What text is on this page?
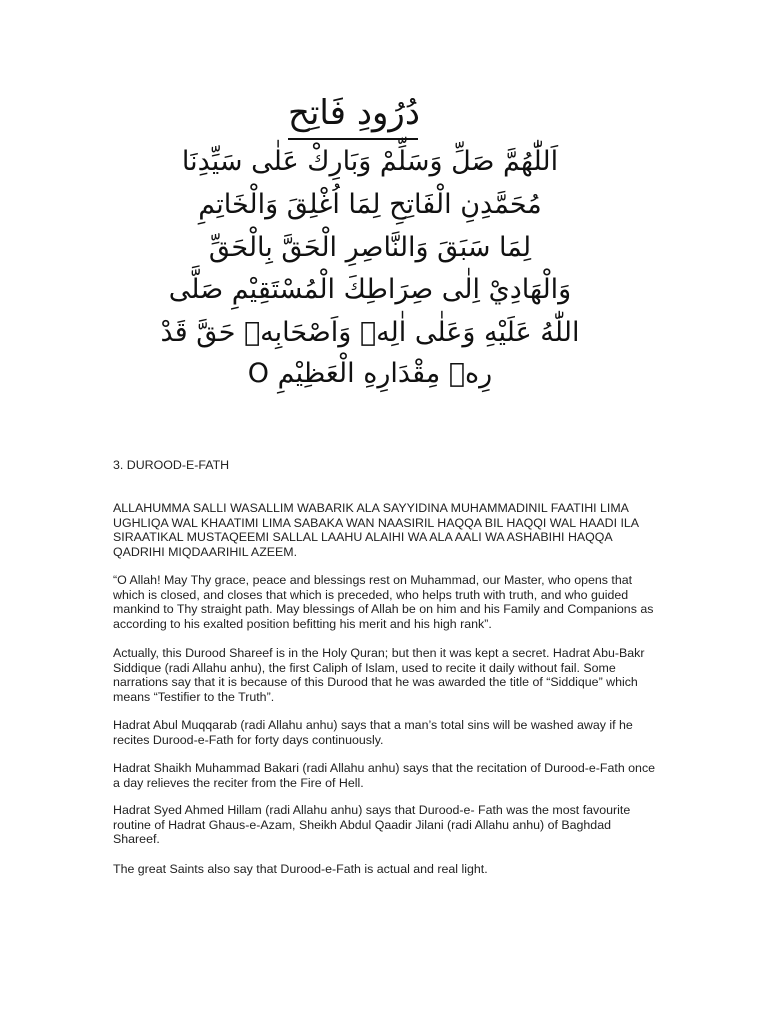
دُرُودِ فَاتِح
اَللّٰهُمَّ صَلِّ وَسَلِّمْ وَبَارِكْ عَلٰى سَيِّدِنَا
مُحَمَّدِنِ الْفَاتِحِ لِمَا اُغْلِقَ وَالْخَاتِمِ
لِمَا سَبَقَ وَالنَّاصِرِ الْحَقَّ بِالْحَقِّ
وَالْهَادِيْ اِلٰى صِرَاطِكَ الْمُسْتَقِيْمِ صَلَّى
اللّٰهُ عَلَيْهِ وَعَلٰى اٰلِهٖ وَاَصْحَابِهٖ حَقَّ قَدْ
رِهٖ مِقْدَارِهِ الْعَظِيْمِ O

3. DUROOD-E-FATH

ALLAHUMMA SALLI WASALLIM WABARIK ALA SAYYIDINA MUHAMMADINIL FAATIHI LIMA UGHLIQA WAL KHAATIMI LIMA SABAKA WAN NAASIRIL HAQQA BIL HAQQI WAL HAADI ILA SIRAATIKAL MUSTAQEEMI SALLAL LAAHU ALAIHI WA ALA AALI WA ASHABIHI HAQQA QADRIHI MIQDAARIHIL AZEEM.

“O Allah! May Thy grace, peace and blessings rest on Muhammad, our Master, who opens that which is closed, and closes that which is preceded, who helps truth with truth, and who guided mankind to Thy straight path. May blessings of Allah be on him and his Family and Companions as according to his exalted position befitting his merit and his high rank”.

Actually, this Durood Shareef is in the Holy Quran; but then it was kept a secret. Hadrat Abu-Bakr Siddique (radi Allahu anhu), the first Caliph of Islam, used to recite it daily without fail. Some narrations say that it is because of this Durood that he was awarded the title of “Siddique” which means “Testifier to the Truth”.

Hadrat Abul Muqqarab (radi Allahu anhu) says that a man’s total sins will be washed away if he recites Durood-e-Fath for forty days continuously.

Hadrat Shaikh Muhammad Bakari (radi Allahu anhu) says that the recitation of Durood-e-Fath once a day relieves the reciter from the Fire of Hell.

Hadrat Syed Ahmed Hillam (radi Allahu anhu) says that Durood-e- Fath was the most favourite routine of Hadrat Ghaus-e-Azam, Sheikh Abdul Qaadir Jilani (radi Allahu anhu) of Baghdad Shareef.

The great Saints also say that Durood-e-Fath is actual and real light.
